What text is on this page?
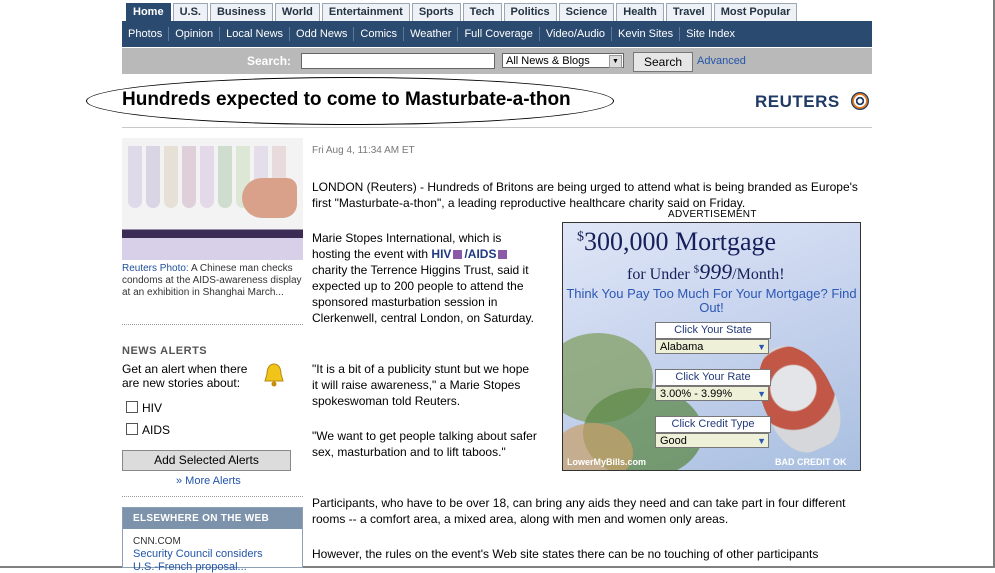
Home	U.S.	Business	World	Entertainment	Sports	Tech	Politics	Science	Health	Travel	Most Popular
Photos	Opinion	Local News	Odd News	Comics	Weather	Full Coverage	Video/Audio	Kevin Sites	Site Index
Search:	All News & Blogs	▼	Search	Advanced
Hundreds expected to come to Masturbate-a-thon	REUTERS
Reuters Photo: A Chinese man checks condoms at the AIDS-awareness display at an exhibition in Shanghai March...
NEWS ALERTS
Get an alert when there are new stories about:
HIV
AIDS
Add Selected Alerts
» More Alerts
ELSEWHERE ON THE WEB
CNN.COM
Security Council considers
U.S.-French proposal...
Fri Aug 4, 11:34 AM ET
LONDON (Reuters) - Hundreds of Britons are being urged to attend what is being branded as Europe's first "Masturbate-a-thon", a leading reproductive healthcare charity said on Friday.
Marie Stopes International, which is hosting the event with HIV /AIDS charity the Terrence Higgins Trust, said it expected up to 200 people to attend the sponsored masturbation session in Clerkenwell, central London, on Saturday.
"It is a bit of a publicity stunt but we hope it will raise awareness," a Marie Stopes spokeswoman told Reuters.
"We want to get people talking about safer sex, masturbation and to lift taboos."
Participants, who have to be over 18, can bring any aids they need and can take part in four different rooms -- a comfort area, a mixed area, along with men and women only areas.
However, the rules on the event's Web site states there can be no touching of other participants
ADVERTISEMENT
$300,000 Mortgage
for Under $999/Month!
Think You Pay Too Much For Your Mortgage? Find Out!
Click Your State
Alabama	▼
Click Your Rate
3.00% - 3.99%	▼
Click Credit Type
Good	▼
LowerMyBills.com	BAD CREDIT OK
